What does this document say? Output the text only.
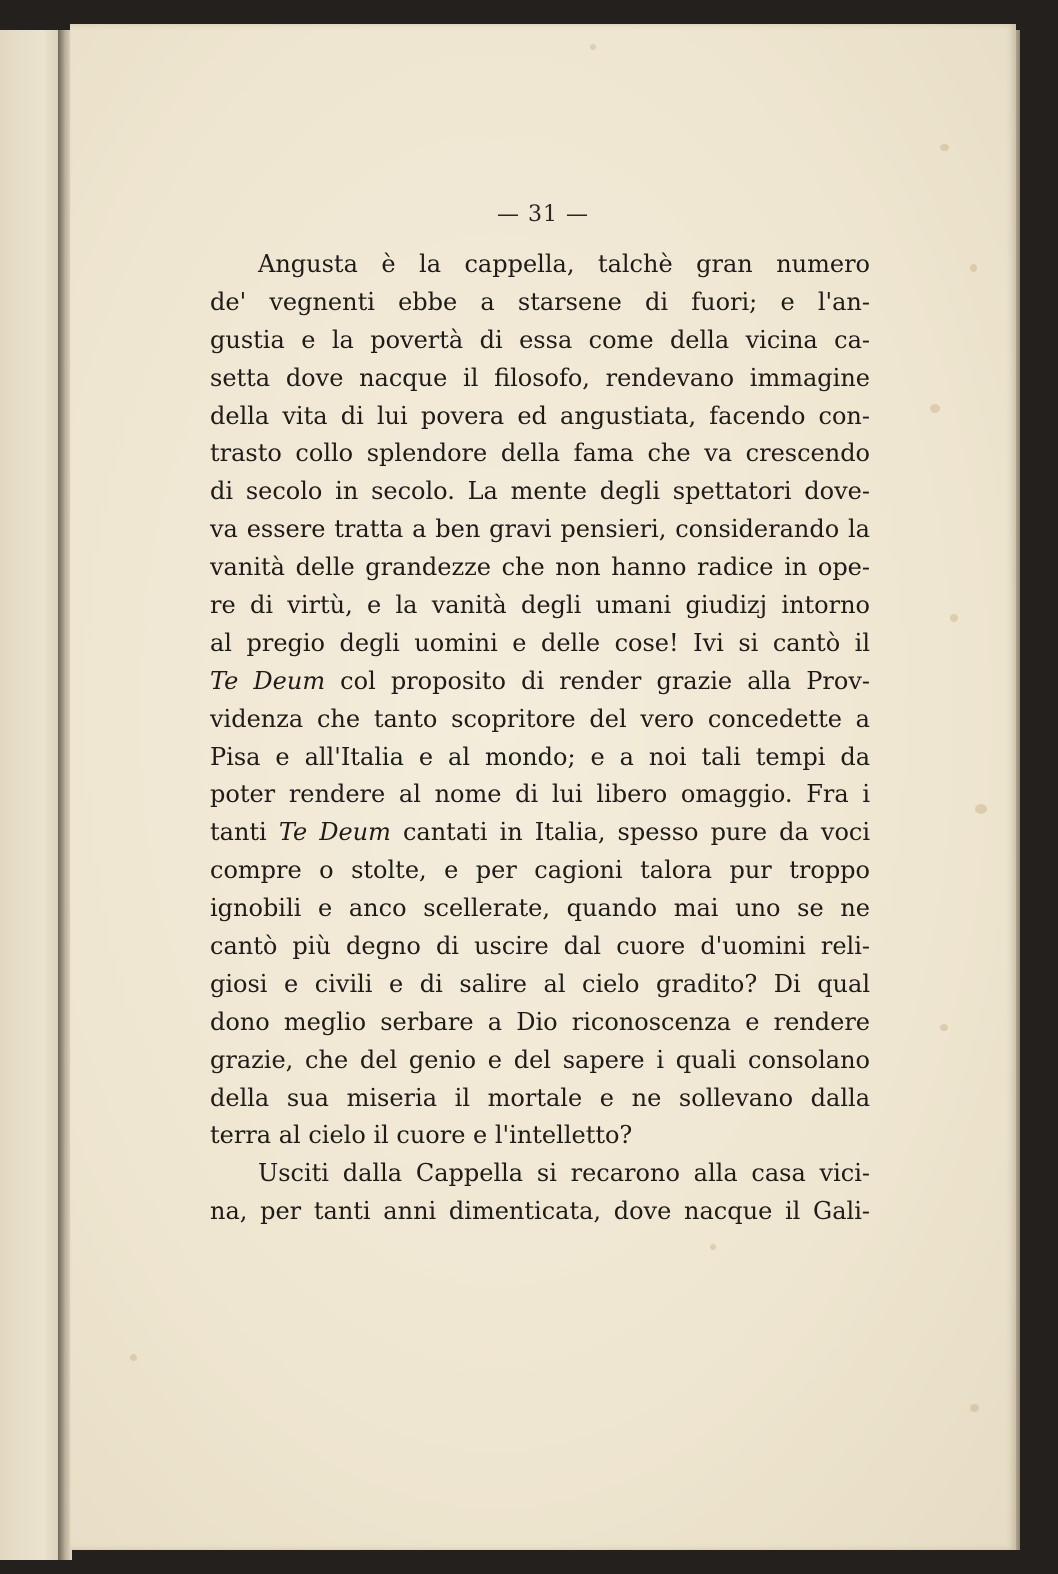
— 31 —
Angusta è la cappella, talchè gran numero
de' vegnenti ebbe a starsene di fuori; e l'an-
gustia e la povertà di essa come della vicina ca-
setta dove nacque il filosofo, rendevano immagine
della vita di lui povera ed angustiata, facendo con-
trasto collo splendore della fama che va crescendo
di secolo in secolo. La mente degli spettatori dove-
va essere tratta a ben gravi pensieri, considerando la
vanità delle grandezze che non hanno radice in ope-
re di virtù, e la vanità degli umani giudizj intorno
al pregio degli uomini e delle cose! Ivi si cantò il
Te Deum col proposito di render grazie alla Prov-
videnza che tanto scopritore del vero concedette a
Pisa e all'Italia e al mondo; e a noi tali tempi da
poter rendere al nome di lui libero omaggio. Fra i
tanti Te Deum cantati in Italia, spesso pure da voci
compre o stolte, e per cagioni talora pur troppo
ignobili e anco scellerate, quando mai uno se ne
cantò più degno di uscire dal cuore d'uomini reli-
giosi e civili e di salire al cielo gradito? Di qual
dono meglio serbare a Dio riconoscenza e rendere
grazie, che del genio e del sapere i quali consolano
della sua miseria il mortale e ne sollevano dalla
terra al cielo il cuore e l'intelletto?
Usciti dalla Cappella si recarono alla casa vici-
na, per tanti anni dimenticata, dove nacque il Gali-
